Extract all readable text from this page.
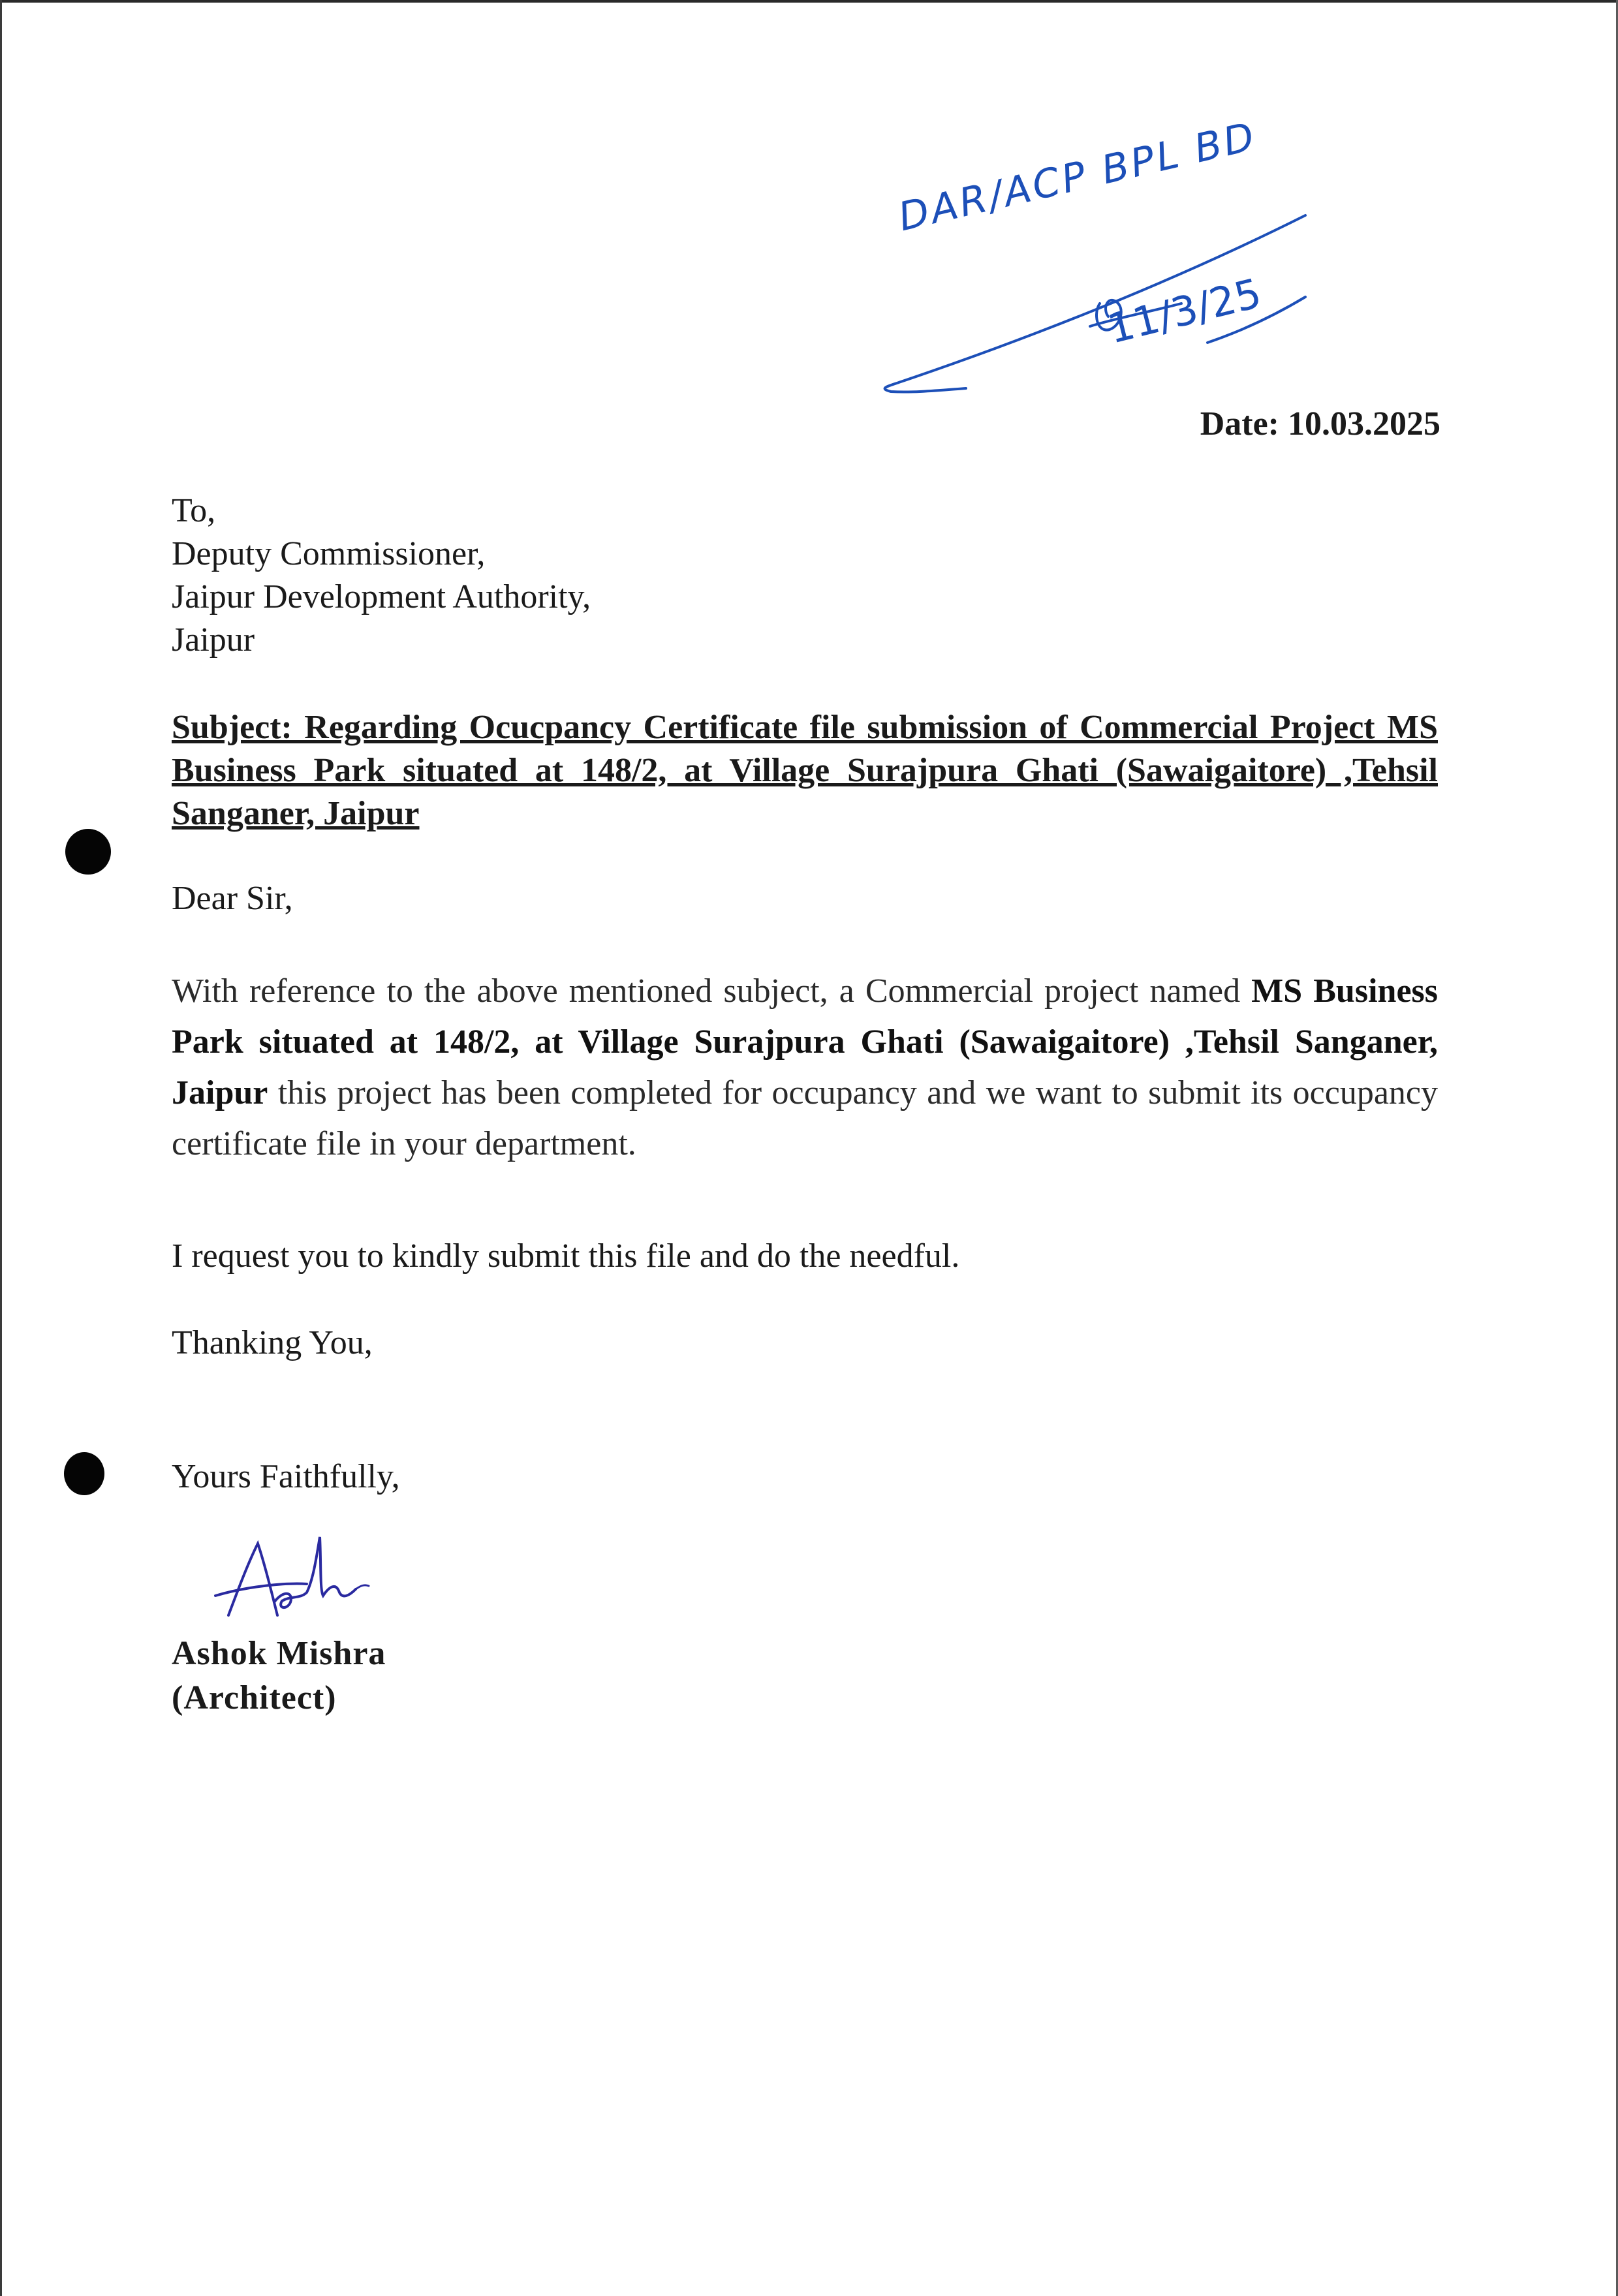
DAR/ACP BPL BD
11/3/25
Date: 10.03.2025
To,
Deputy Commissioner,
Jaipur Development Authority,
Jaipur
Subject: Regarding Ocucpancy Certificate file submission of Commercial Project MS Business Park situated at 148/2, at Village Surajpura Ghati (Sawaigaitore) ,Tehsil Sanganer, Jaipur
Dear Sir,
With reference to the above mentioned subject, a Commercial project named MS Business Park situated at 148/2, at Village Surajpura Ghati (Sawaigaitore) ,Tehsil Sanganer, Jaipur this project has been completed for occupancy and we want to submit its occupancy certificate file in your department.
I request you to kindly submit this file and do the needful.
Thanking You,
Yours Faithfully,
Ashok Mishra
(Architect)
